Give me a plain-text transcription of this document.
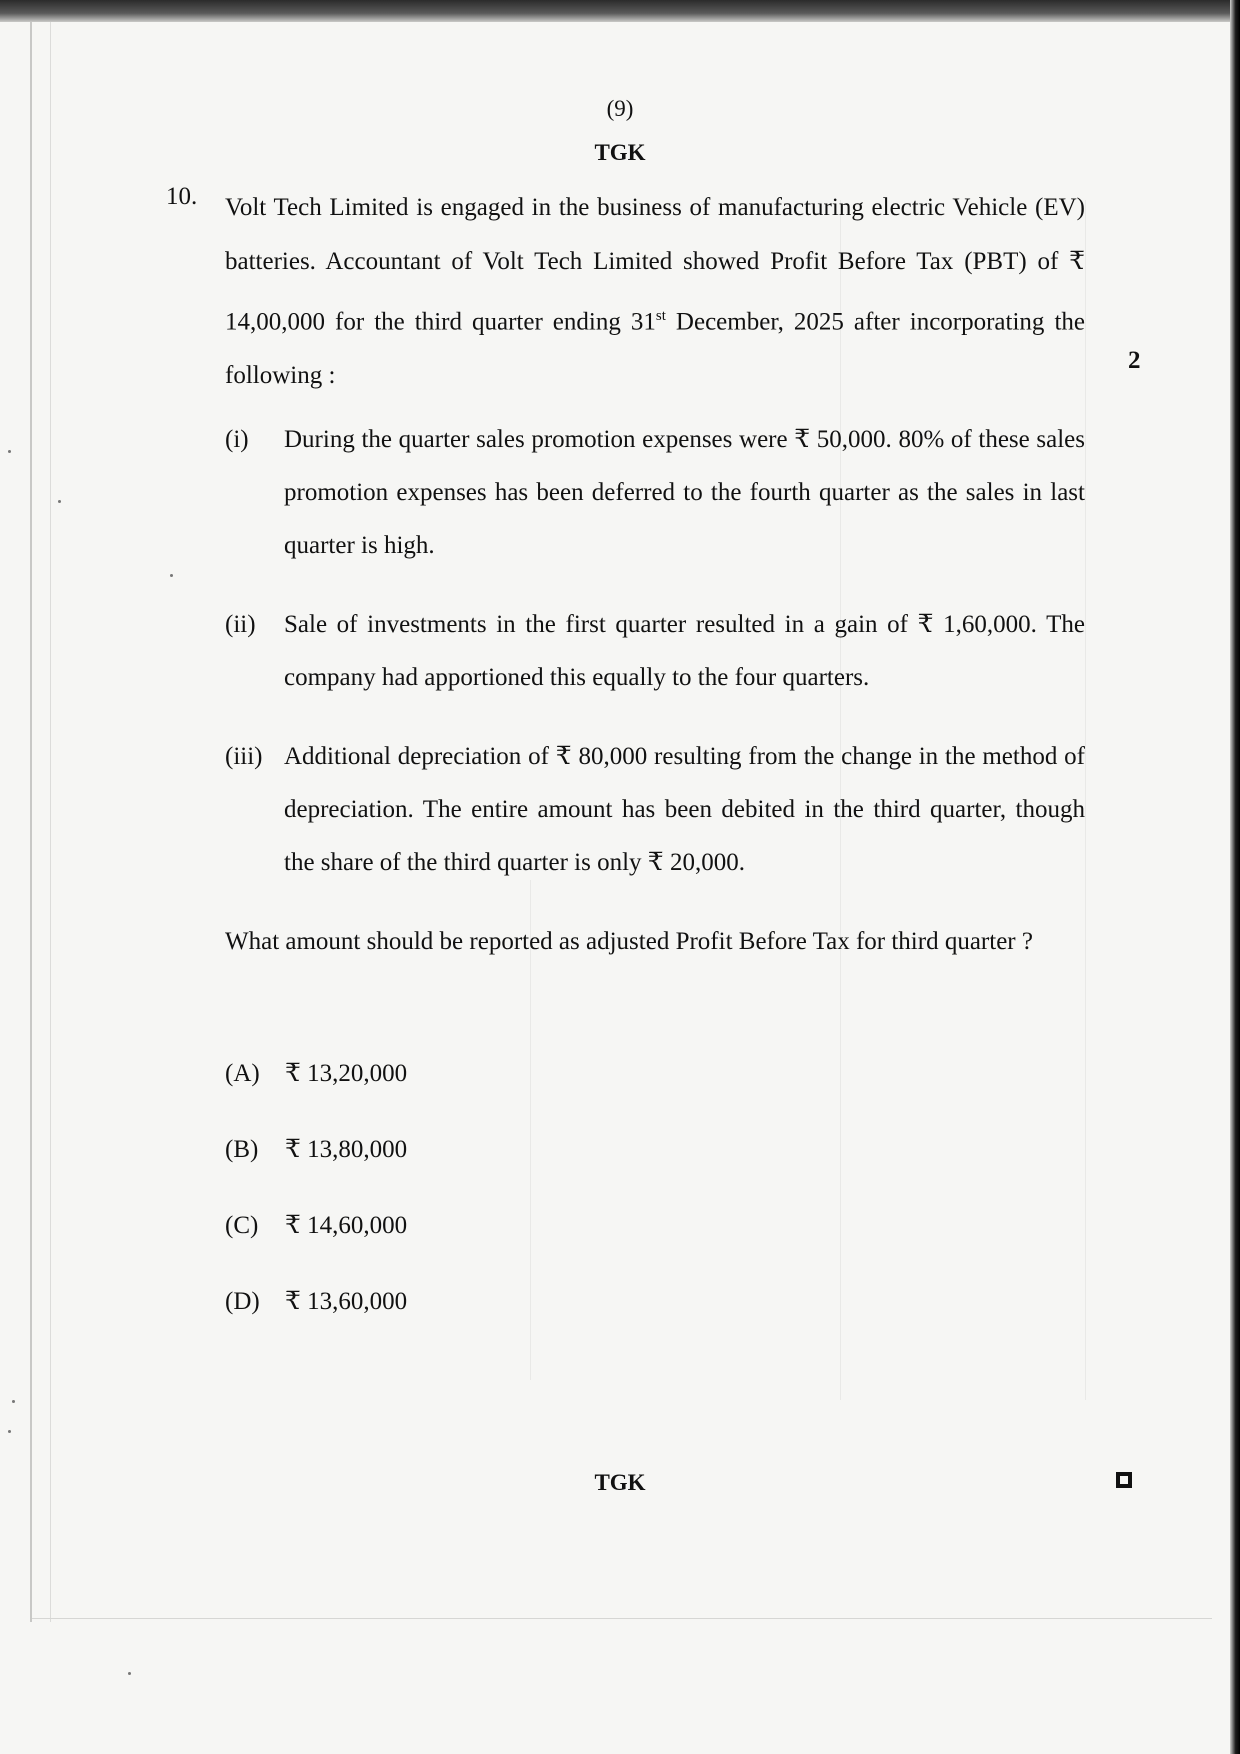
(9)
TGK
10. Volt Tech Limited is engaged in the business of manufacturing electric Vehicle (EV) batteries. Accountant of Volt Tech Limited showed Profit Before Tax (PBT) of ₹ 14,00,000 for the third quarter ending 31st December, 2025 after incorporating the following :
2
(i) During the quarter sales promotion expenses were ₹ 50,000. 80% of these sales promotion expenses has been deferred to the fourth quarter as the sales in last quarter is high.
(ii) Sale of investments in the first quarter resulted in a gain of ₹ 1,60,000. The company had apportioned this equally to the four quarters.
(iii) Additional depreciation of ₹ 80,000 resulting from the change in the method of depreciation. The entire amount has been debited in the third quarter, though the share of the third quarter is only ₹ 20,000.
What amount should be reported as adjusted Profit Before Tax for third quarter ?
(A) ₹ 13,20,000
(B) ₹ 13,80,000
(C) ₹ 14,60,000
(D) ₹ 13,60,000
TGK
